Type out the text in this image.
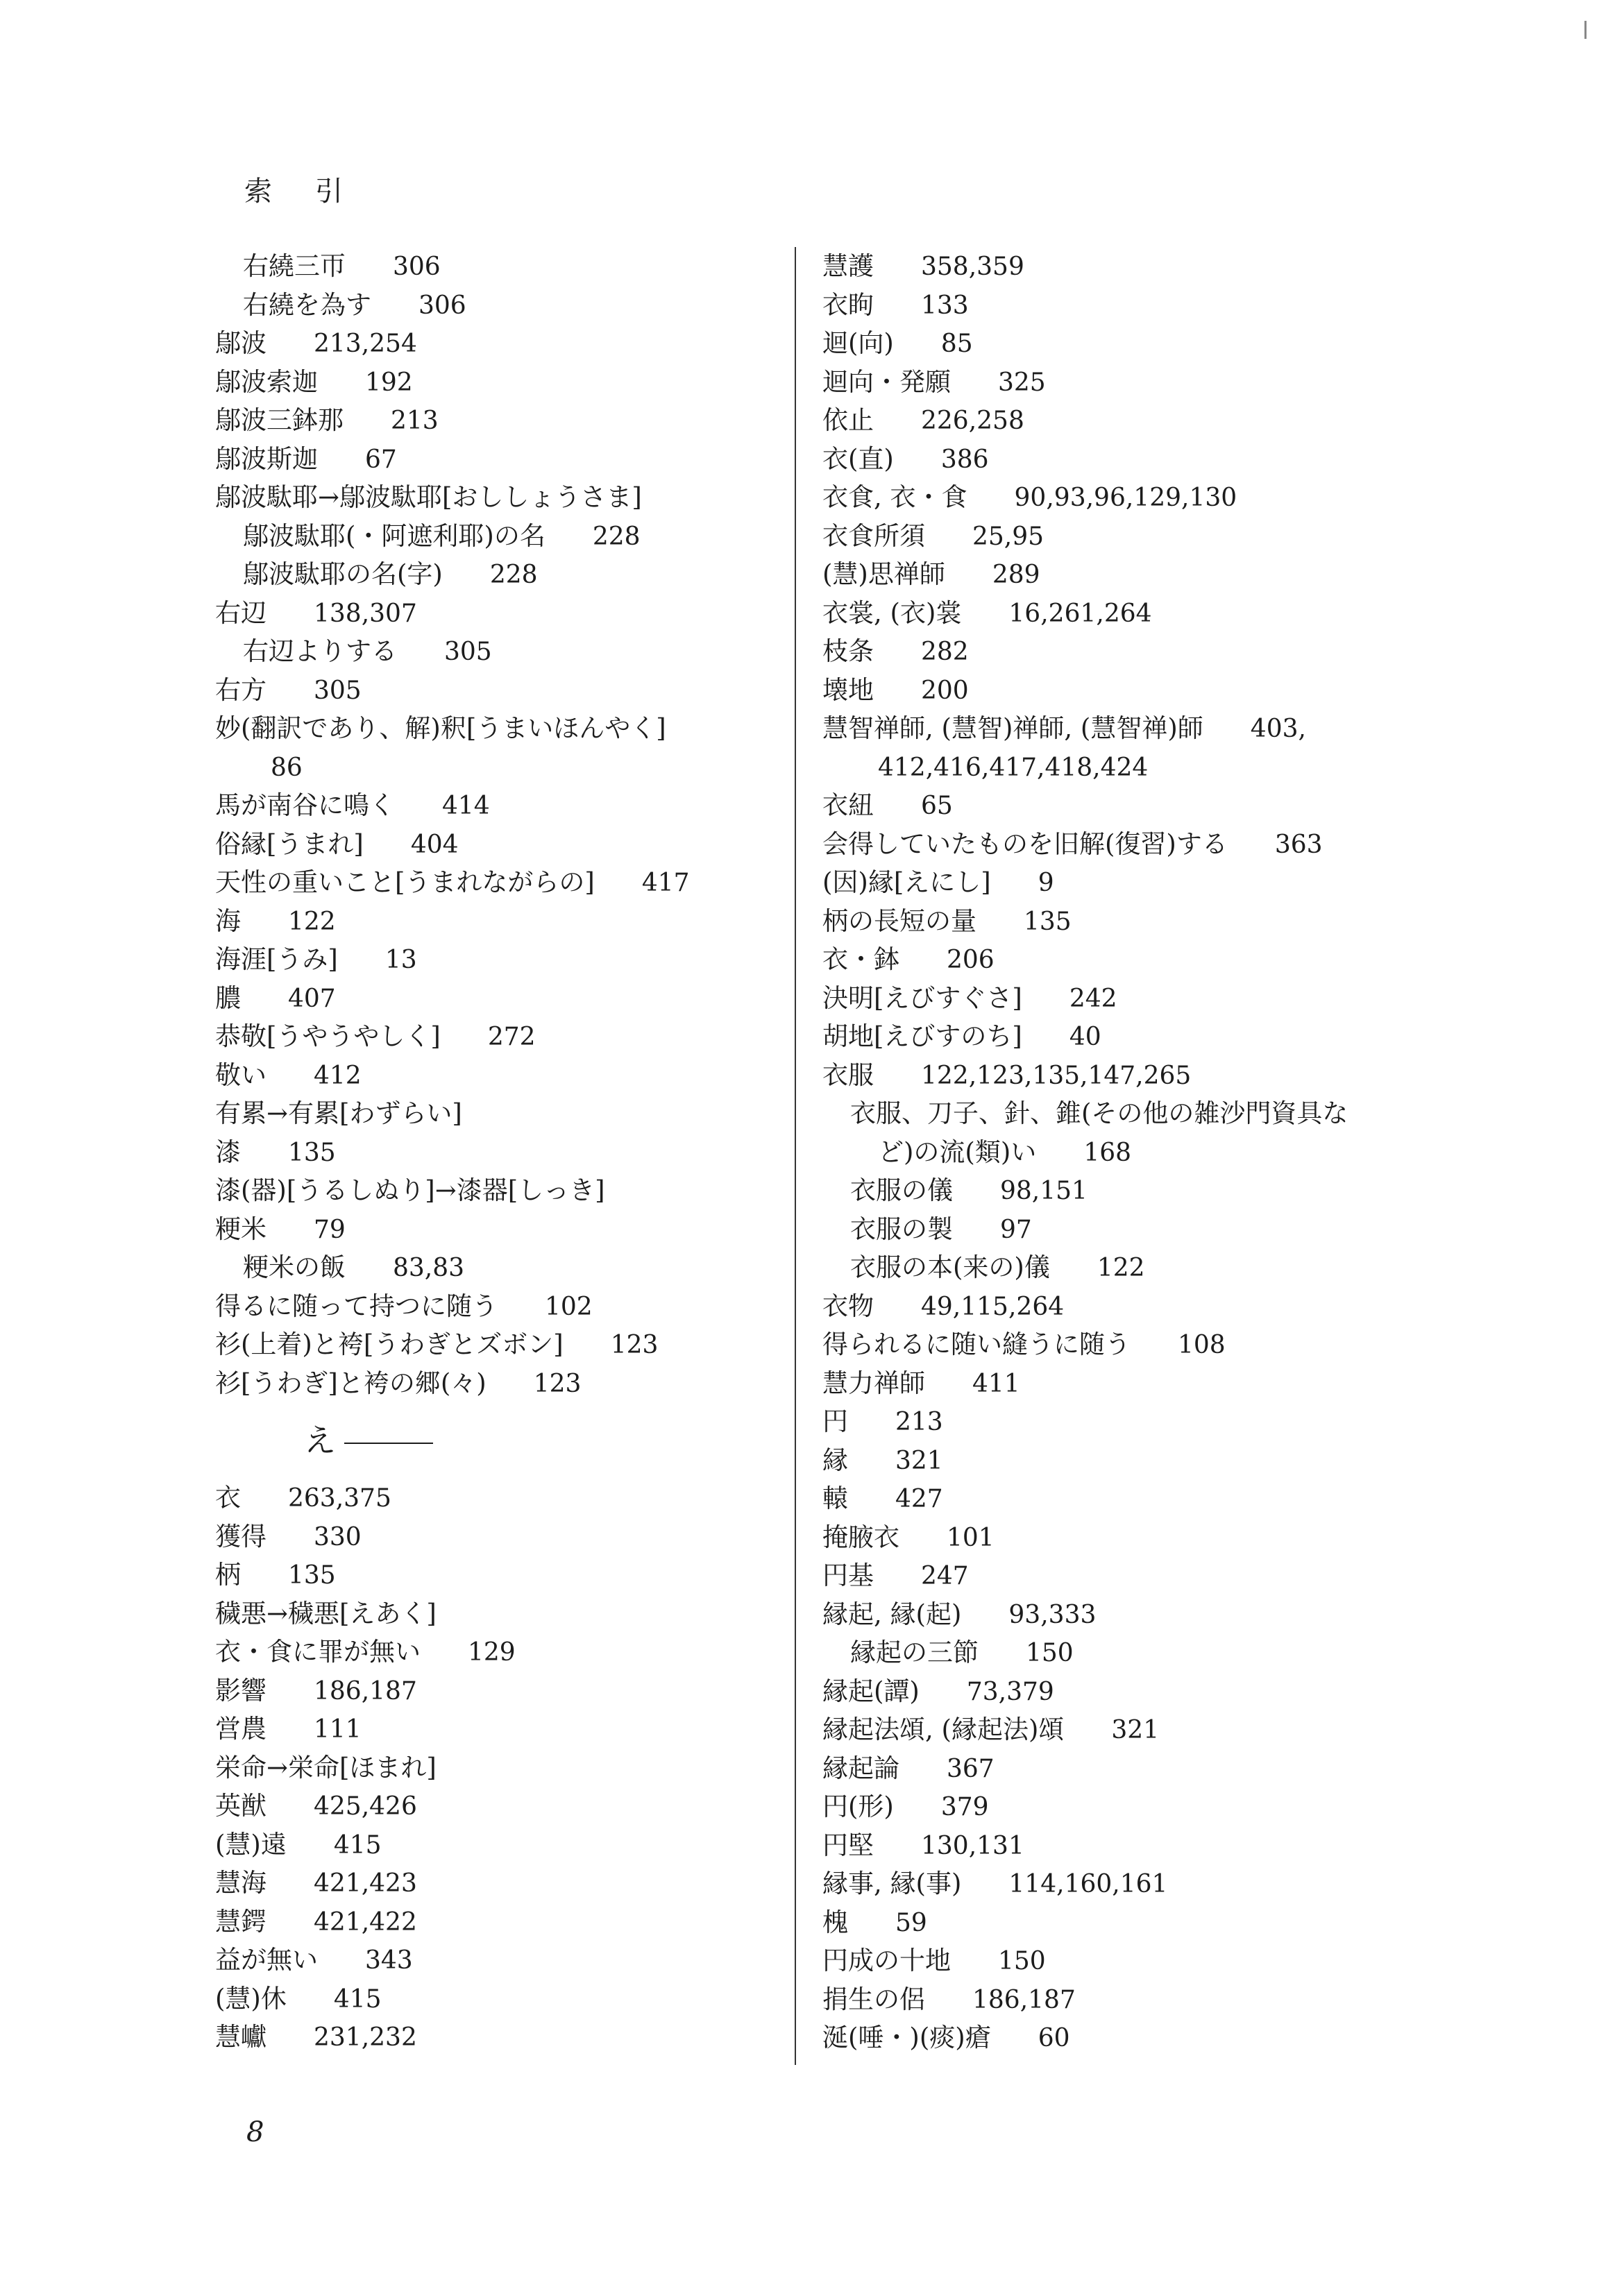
索引
右繞三帀 306
右繞を為す 306
鄔波 213,254
鄔波索迦 192
鄔波三鉢那 213
鄔波斯迦 67
鄔波駄耶→鄔波駄耶[おししょうさま]
鄔波駄耶(・阿遮利耶)の名 228
鄔波駄耶の名(字) 228
右辺 138,307
右辺よりする 305
右方 305
妙(翻訳であり、解)釈[うまいほんやく]
86
馬が南谷に鳴く 414
俗縁[うまれ] 404
天性の重いこと[うまれながらの] 417
海 122
海涯[うみ] 13
膿 407
恭敬[うやうやしく] 272
敬い 412
有累→有累[わずらい]
漆 135
漆(器)[うるしぬり]→漆器[しっき]
粳米 79
粳米の飯 83,83
得るに随って持つに随う 102
衫(上着)と袴[うわぎとズボン] 123
衫[うわぎ]と袴の郷(々) 123
え
衣 263,375
獲得 330
柄 135
穢悪→穢悪[えあく]
衣・食に罪が無い 129
影響 186,187
営農 111
栄命→栄命[ほまれ]
英猷 425,426
(慧)遠 415
慧海 421,423
慧鍔 421,422
益が無い 343
(慧)休 415
慧巘 231,232
慧護 358,359
衣眗 133
迴(向) 85
迴向・発願 325
依止 226,258
衣(直) 386
衣食, 衣・食 90,93,96,129,130
衣食所須 25,95
(慧)思禅師 289
衣裳, (衣)裳 16,261,264
枝条 282
壊地 200
慧智禅師, (慧智)禅師, (慧智禅)師 403,
412,416,417,418,424
衣紐 65
会得していたものを旧解(復習)する 363
(因)縁[えにし] 9
柄の長短の量 135
衣・鉢 206
決明[えびすぐさ] 242
胡地[えびすのち] 40
衣服 122,123,135,147,265
衣服、刀子、針、錐(その他の雑沙門資具な
ど)の流(類)い 168
衣服の儀 98,151
衣服の製 97
衣服の本(来の)儀 122
衣物 49,115,264
得られるに随い縫うに随う 108
慧力禅師 411
円 213
縁 321
轅 427
掩腋衣 101
円基 247
縁起, 縁(起) 93,333
縁起の三節 150
縁起(譚) 73,379
縁起法頌, (縁起法)頌 321
縁起論 367
円(形) 379
円堅 130,131
縁事, 縁(事) 114,160,161
槐 59
円成の十地 150
捐生の侶 186,187
涎(唾・)(痰)瘡 60
8
